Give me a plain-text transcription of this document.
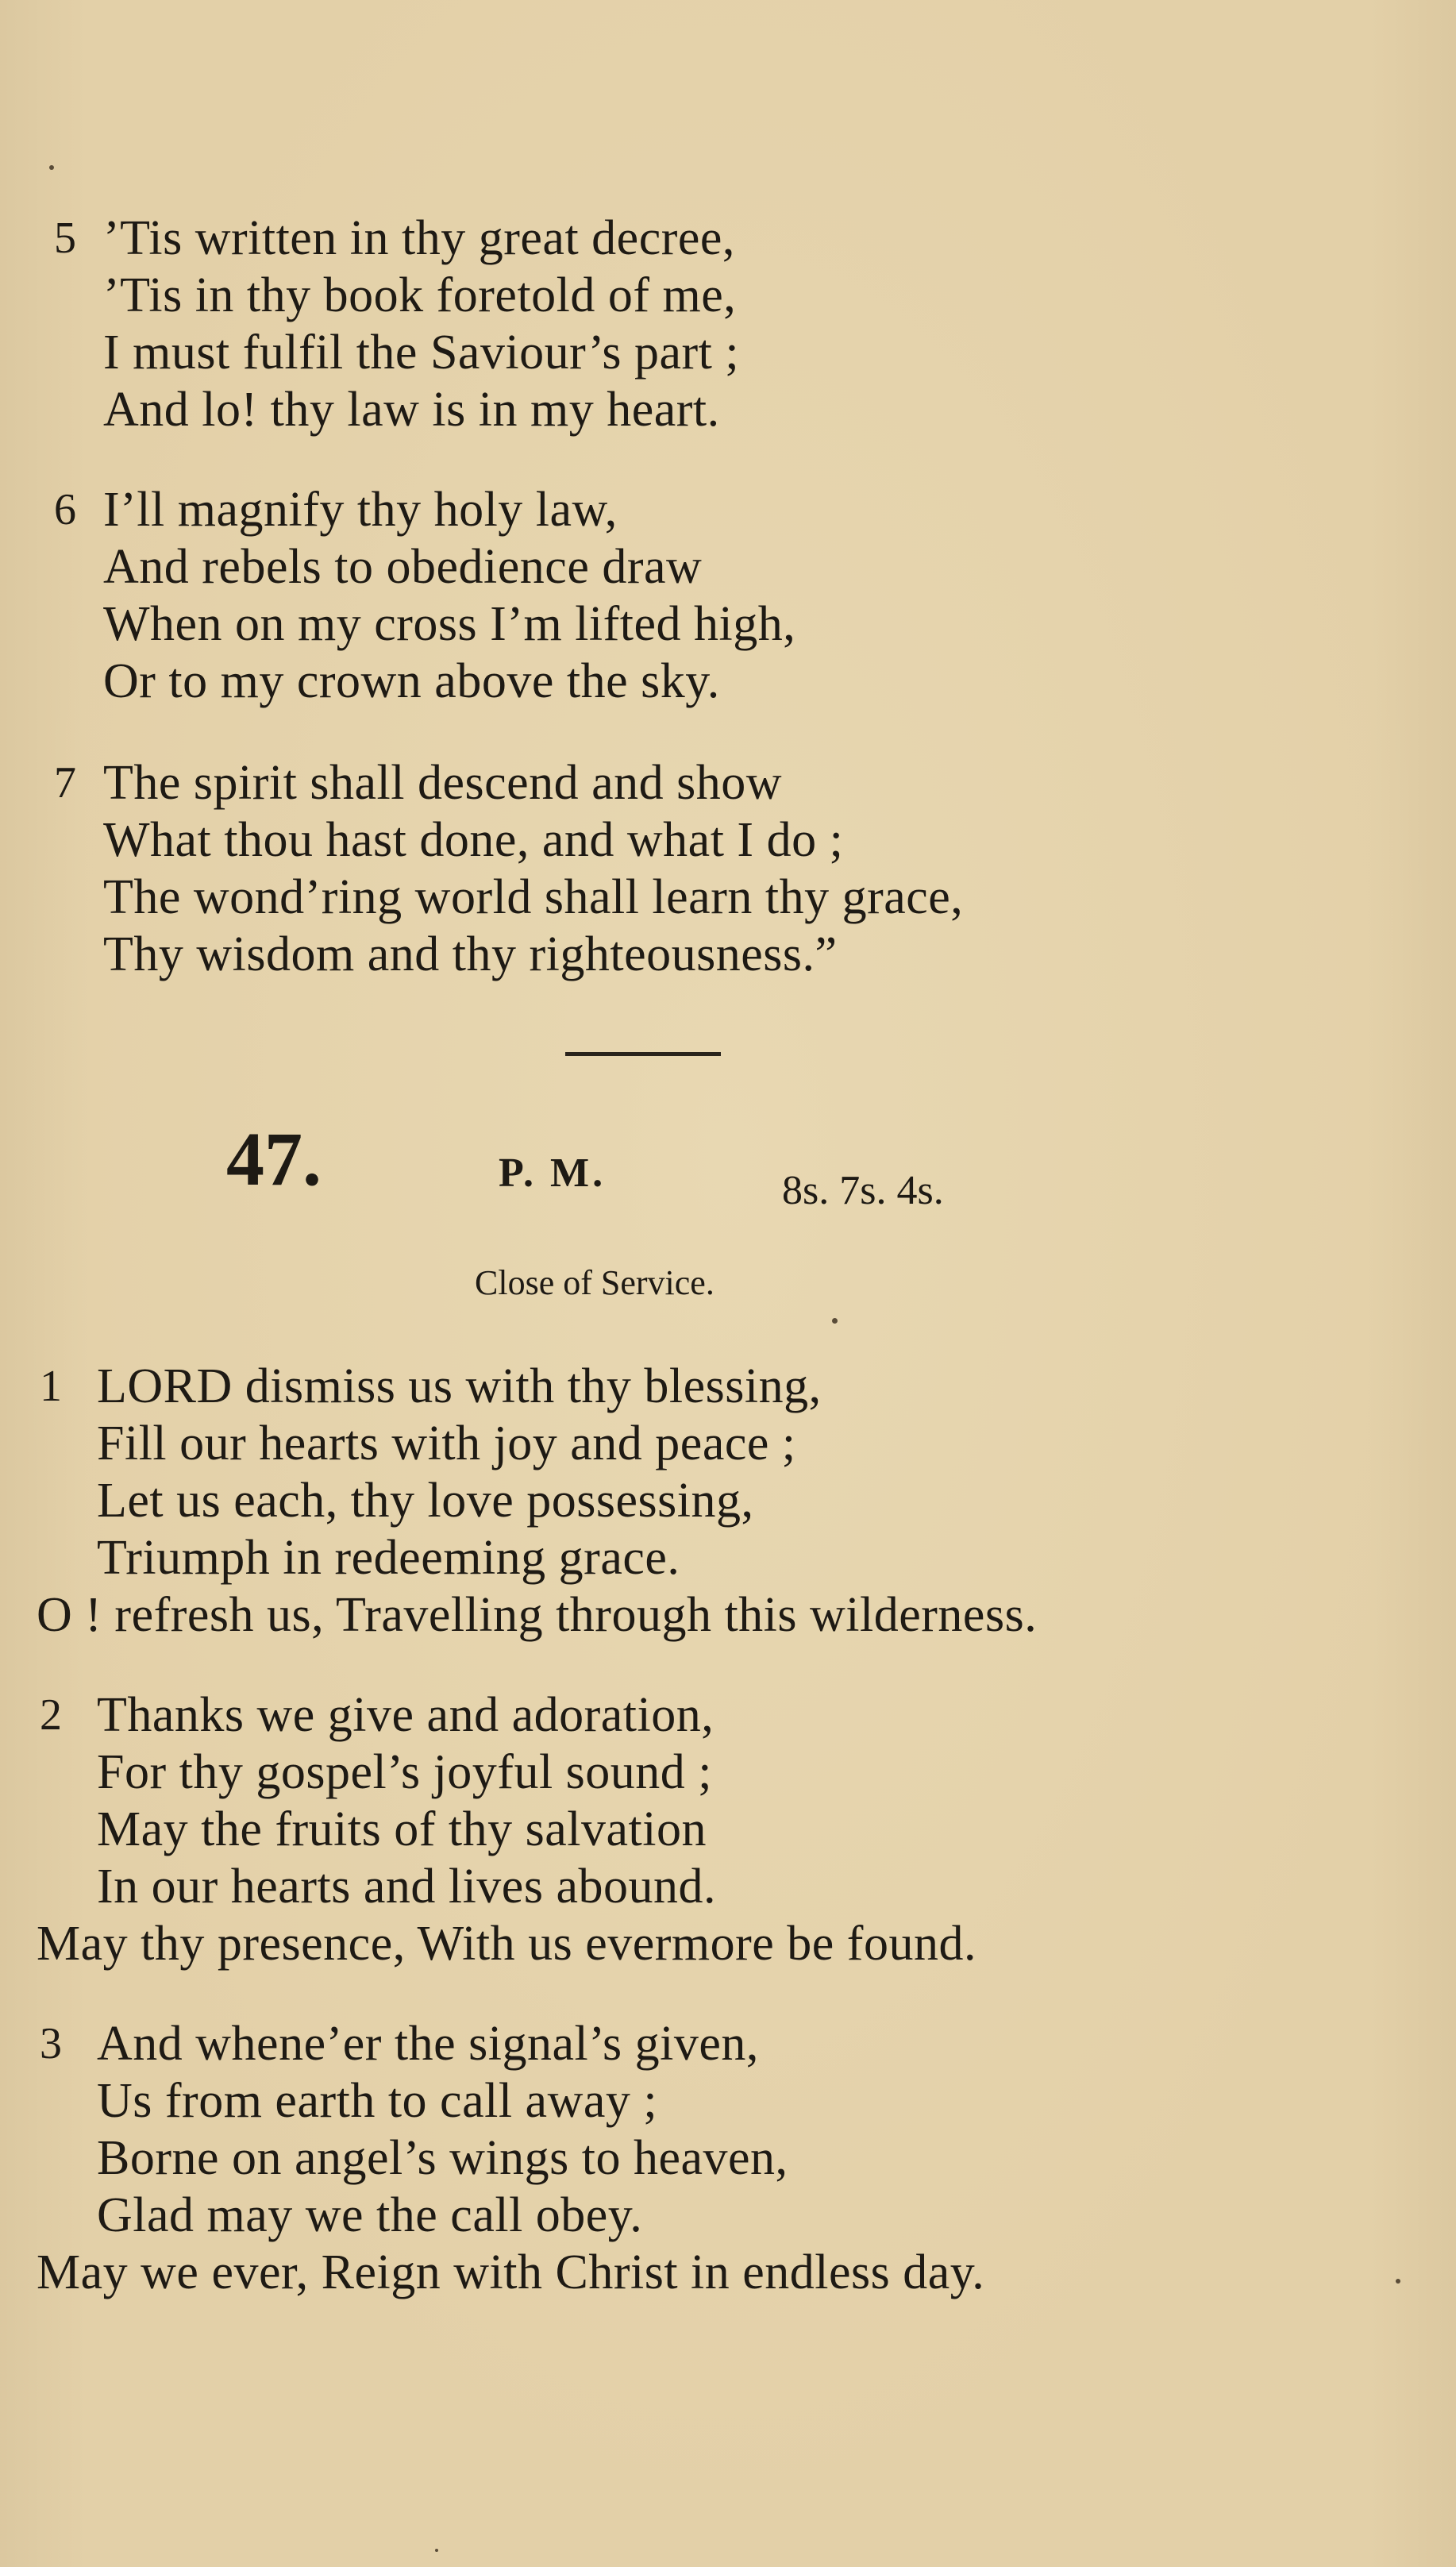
5 ’Tis written in thy great decree,
’Tis in thy book foretold of me,
I must fulfil the Saviour’s part ;
And lo! thy law is in my heart.
6 I’ll magnify thy holy law,
And rebels to obedience draw
When on my cross I’m lifted high,
Or to my crown above the sky.
7 The spirit shall descend and show
What thou hast done, and what I do ;
The wond’ring world shall learn thy grace,
Thy wisdom and thy righteousness.”
47.	P. M.	8s. 7s. 4s.
Close of Service.
1 LORD dismiss us with thy blessing,
Fill our hearts with joy and peace ;
Let us each, thy love possessing,
Triumph in redeeming grace.
O ! refresh us, Travelling through this wilderness.
2 Thanks we give and adoration,
For thy gospel’s joyful sound ;
May the fruits of thy salvation
In our hearts and lives abound.
May thy presence, With us evermore be found.
3 And whene’er the signal’s given,
Us from earth to call away ;
Borne on angel’s wings to heaven,
Glad may we the call obey.
May we ever, Reign with Christ in endless day.
